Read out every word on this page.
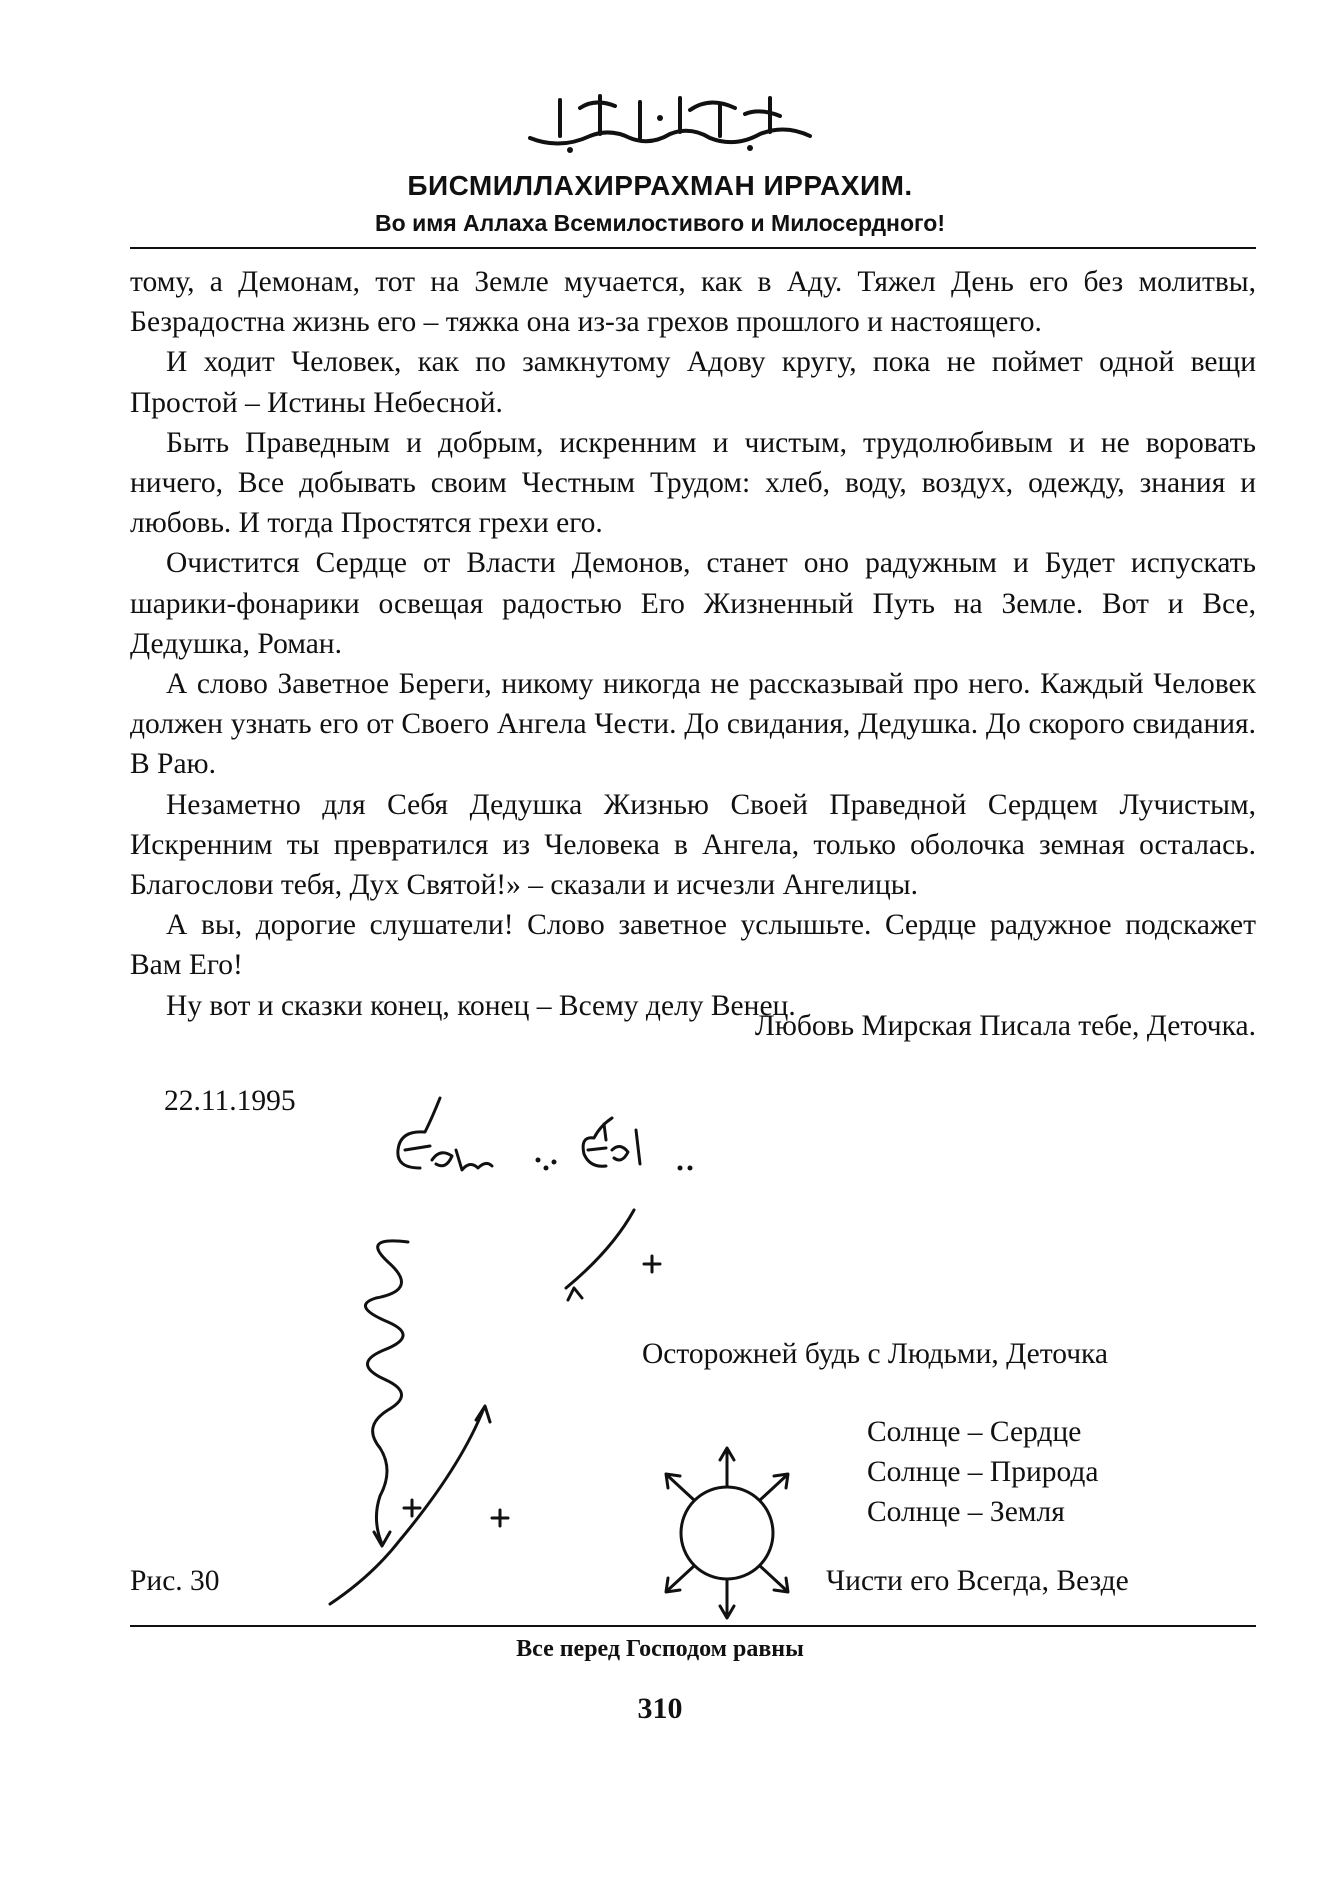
БИСМИЛЛАХИРРАХМАН ИРРАХИМ.
Во имя Аллаха Всемилостивого и Милосердного!

тому, а Демонам, тот на Земле мучается, как в Аду. Тяжел День его без молитвы, Безрадостна жизнь его – тяжка она из-за грехов прошлого и настоящего.

И ходит Человек, как по замкнутому Адову кругу, пока не поймет одной вещи Простой – Истины Небесной.

Быть Праведным и добрым, искренним и чистым, трудолюбивым и не воровать ничего, Все добывать своим Честным Трудом: хлеб, воду, воздух, одежду, знания и любовь. И тогда Простятся грехи его.

Очистится Сердце от Власти Демонов, станет оно радужным и Будет испускать шарики-фонарики освещая радостью Его Жизненный Путь на Земле. Вот и Все, Дедушка, Роман.

А слово Заветное Береги, никому никогда не рассказывай про него. Каждый Человек должен узнать его от Своего Ангела Чести. До свидания, Дедушка. До скорого свидания. В Раю.

Незаметно для Себя Дедушка Жизнью Своей Праведной Сердцем Лучистым, Искренним ты превратился из Человека в Ангела, только оболочка земная осталась. Благослови тебя, Дух Святой!» – сказали и исчезли Ангелицы.

А вы, дорогие слушатели! Слово заветное услышьте. Сердце радужное подскажет Вам Его!

Ну вот и сказки конец, конец – Всему делу Венец.

Любовь Мирская Писала тебе, Деточка.
22.11.1995
Осторожней будь с Людьми, Деточка
Солнце – Сердце
Солнце – Природа
Солнце – Земля
Рис. 30	Чисти его Всегда, Везде
Все перед Господом равны
310
